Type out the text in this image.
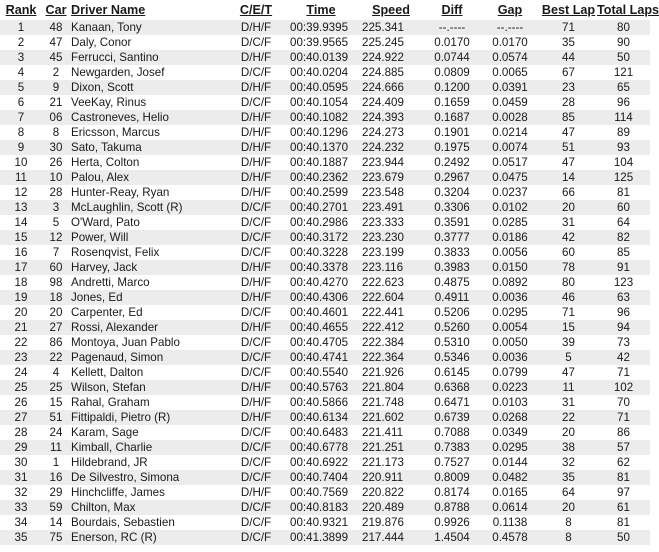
Rank	Car	Driver Name	C/E/T	Time	Speed	Diff	Gap	Best Lap	Total Laps
1	48	Kanaan, Tony	D/H/F	00:39.9395	225.341	--.----	--.----	71	80
2	47	Daly, Conor	D/C/F	00:39.9565	225.245	0.0170	0.0170	35	90
3	45	Ferrucci, Santino	D/H/F	00:40.0139	224.922	0.0744	0.0574	44	50
4	2	Newgarden, Josef	D/C/F	00:40.0204	224.885	0.0809	0.0065	67	121
5	9	Dixon, Scott	D/H/F	00:40.0595	224.666	0.1200	0.0391	23	65
6	21	VeeKay, Rinus	D/C/F	00:40.1054	224.409	0.1659	0.0459	28	96
7	06	Castroneves, Helio	D/H/F	00:40.1082	224.393	0.1687	0.0028	85	114
8	8	Ericsson, Marcus	D/H/F	00:40.1296	224.273	0.1901	0.0214	47	89
9	30	Sato, Takuma	D/H/F	00:40.1370	224.232	0.1975	0.0074	51	93
10	26	Herta, Colton	D/H/F	00:40.1887	223.944	0.2492	0.0517	47	104
11	10	Palou, Alex	D/H/F	00:40.2362	223.679	0.2967	0.0475	14	125
12	28	Hunter-Reay, Ryan	D/H/F	00:40.2599	223.548	0.3204	0.0237	66	81
13	3	McLaughlin, Scott (R)	D/C/F	00:40.2701	223.491	0.3306	0.0102	20	60
14	5	O'Ward, Pato	D/C/F	00:40.2986	223.333	0.3591	0.0285	31	64
15	12	Power, Will	D/C/F	00:40.3172	223.230	0.3777	0.0186	42	82
16	7	Rosenqvist, Felix	D/C/F	00:40.3228	223.199	0.3833	0.0056	60	85
17	60	Harvey, Jack	D/H/F	00:40.3378	223.116	0.3983	0.0150	78	91
18	98	Andretti, Marco	D/H/F	00:40.4270	222.623	0.4875	0.0892	80	123
19	18	Jones, Ed	D/H/F	00:40.4306	222.604	0.4911	0.0036	46	63
20	20	Carpenter, Ed	D/C/F	00:40.4601	222.441	0.5206	0.0295	71	96
21	27	Rossi, Alexander	D/H/F	00:40.4655	222.412	0.5260	0.0054	15	94
22	86	Montoya, Juan Pablo	D/C/F	00:40.4705	222.384	0.5310	0.0050	39	73
23	22	Pagenaud, Simon	D/C/F	00:40.4741	222.364	0.5346	0.0036	5	42
24	4	Kellett, Dalton	D/C/F	00:40.5540	221.926	0.6145	0.0799	47	71
25	25	Wilson, Stefan	D/H/F	00:40.5763	221.804	0.6368	0.0223	11	102
26	15	Rahal, Graham	D/H/F	00:40.5866	221.748	0.6471	0.0103	31	70
27	51	Fittipaldi, Pietro (R)	D/H/F	00:40.6134	221.602	0.6739	0.0268	22	71
28	24	Karam, Sage	D/C/F	00:40.6483	221.411	0.7088	0.0349	20	86
29	11	Kimball, Charlie	D/C/F	00:40.6778	221.251	0.7383	0.0295	38	57
30	1	Hildebrand, JR	D/C/F	00:40.6922	221.173	0.7527	0.0144	32	62
31	16	De Silvestro, Simona	D/C/F	00:40.7404	220.911	0.8009	0.0482	35	81
32	29	Hinchcliffe, James	D/H/F	00:40.7569	220.822	0.8174	0.0165	64	97
33	59	Chilton, Max	D/C/F	00:40.8183	220.489	0.8788	0.0614	20	61
34	14	Bourdais, Sebastien	D/C/F	00:40.9321	219.876	0.9926	0.1138	8	81
35	75	Enerson, RC (R)	D/C/F	00:41.3899	217.444	1.4504	0.4578	8	50
